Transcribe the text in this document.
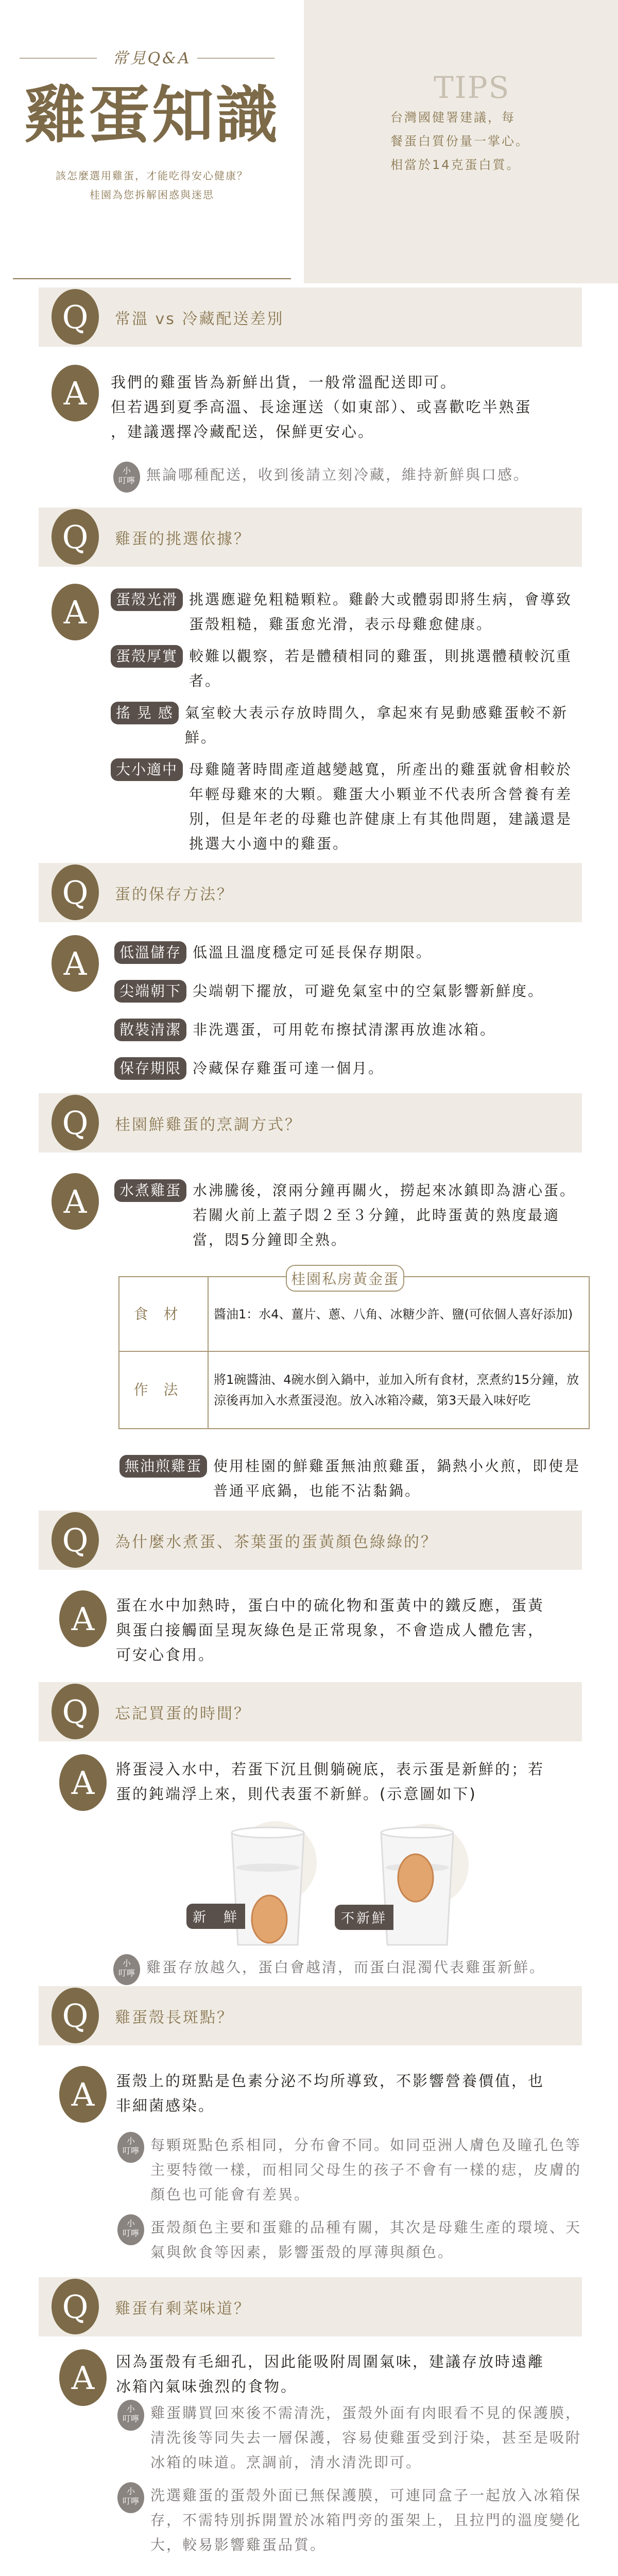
常見Q&A
雞蛋知識
該怎麼選用雞蛋，才能吃得安心健康？
桂園為您拆解困惑與迷思
TIPS
台灣國健署建議，每
餐蛋白質份量一掌心。
相當於14克蛋白質。
Q	常溫 vs 冷藏配送差別
A	我們的雞蛋皆為新鮮出貨，一般常溫配送即可。
但若遇到夏季高溫、長途運送（如東部）、或喜歡吃半熟蛋
，建議選擇冷藏配送，保鮮更安心。
小
叮嚀 無論哪種配送，收到後請立刻冷藏，維持新鮮與口感。
Q	雞蛋的挑選依據？
A	蛋殼光滑 挑選應避免粗糙顆粒。雞齡大或體弱即將生病，會導致蛋殼粗糙，雞蛋愈光滑，表示母雞愈健康。
蛋殼厚實 較難以觀察，若是體積相同的雞蛋，則挑選體積較沉重者。
搖 晃 感 氣室較大表示存放時間久，拿起來有晃動感雞蛋較不新鮮。
大小適中 母雞隨著時間產道越變越寬，所產出的雞蛋就會相較於年輕母雞來的大顆。雞蛋大小顆並不代表所含營養有差別，但是年老的母雞也許健康上有其他問題，建議還是挑選大小適中的雞蛋。
Q	蛋的保存方法？
A	低溫儲存 低溫且溫度穩定可延長保存期限。
尖端朝下 尖端朝下擺放，可避免氣室中的空氣影響新鮮度。
散裝清潔 非洗選蛋，可用乾布擦拭清潔再放進冰箱。
保存期限 冷藏保存雞蛋可達一個月。
Q	桂園鮮雞蛋的烹調方式？
A	水煮雞蛋 水沸騰後，滾兩分鐘再關火，撈起來冰鎮即為溏心蛋。若關火前上蓋子悶２至３分鐘，此時蛋黃的熟度最適當，悶5分鐘即全熟。
食材	醬油1：水4、薑片、蔥、八角、冰糖少許、鹽(可依個人喜好添加)
作法	將1碗醬油、4碗水倒入鍋中，並加入所有食材，烹煮約15分鐘，放涼後再加入水煮蛋浸泡。放入冰箱冷藏，第3天最入味好吃
桂園私房黃金蛋
無油煎雞蛋 使用桂園的鮮雞蛋無油煎雞蛋，鍋熱小火煎，即使是普通平底鍋，也能不沾黏鍋。
Q	為什麼水煮蛋、茶葉蛋的蛋黃顏色綠綠的？
A	蛋在水中加熱時，蛋白中的硫化物和蛋黃中的鐵反應，蛋黃
與蛋白接觸面呈現灰綠色是正常現象，不會造成人體危害，
可安心食用。
Q	忘記買蛋的時間？
A	將蛋浸入水中，若蛋下沉且側躺碗底，表示蛋是新鮮的；若
蛋的鈍端浮上來，則代表蛋不新鮮。(示意圖如下)
新　鮮	不新鮮
小
叮嚀 雞蛋存放越久，蛋白會越清，而蛋白混濁代表雞蛋新鮮。
Q	雞蛋殼長斑點？
A	蛋殼上的斑點是色素分泌不均所導致，不影響營養價值，也
非細菌感染。
小
叮嚀 每顆斑點色系相同，分布會不同。如同亞洲人膚色及瞳孔色等主要特徵一樣，而相同父母生的孩子不會有一樣的痣，皮膚的顏色也可能會有差異。
小
叮嚀 蛋殼顏色主要和蛋雞的品種有關，其次是母雞生產的環境、天氣與飲食等因素，影響蛋殼的厚薄與顏色。
Q	雞蛋有剩菜味道？
A	因為蛋殼有毛細孔，因此能吸附周圍氣味，建議存放時遠離
冰箱內氣味強烈的食物。
小
叮嚀 雞蛋購買回來後不需清洗，蛋殼外面有肉眼看不見的保護膜，清洗後等同失去一層保護，容易使雞蛋受到汙染，甚至是吸附冰箱的味道。烹調前，清水清洗即可。
小
叮嚀 洗選雞蛋的蛋殼外面已無保護膜，可連同盒子一起放入冰箱保存，不需特別拆開置於冰箱門旁的蛋架上，且拉門的溫度變化大，較易影響雞蛋品質。
